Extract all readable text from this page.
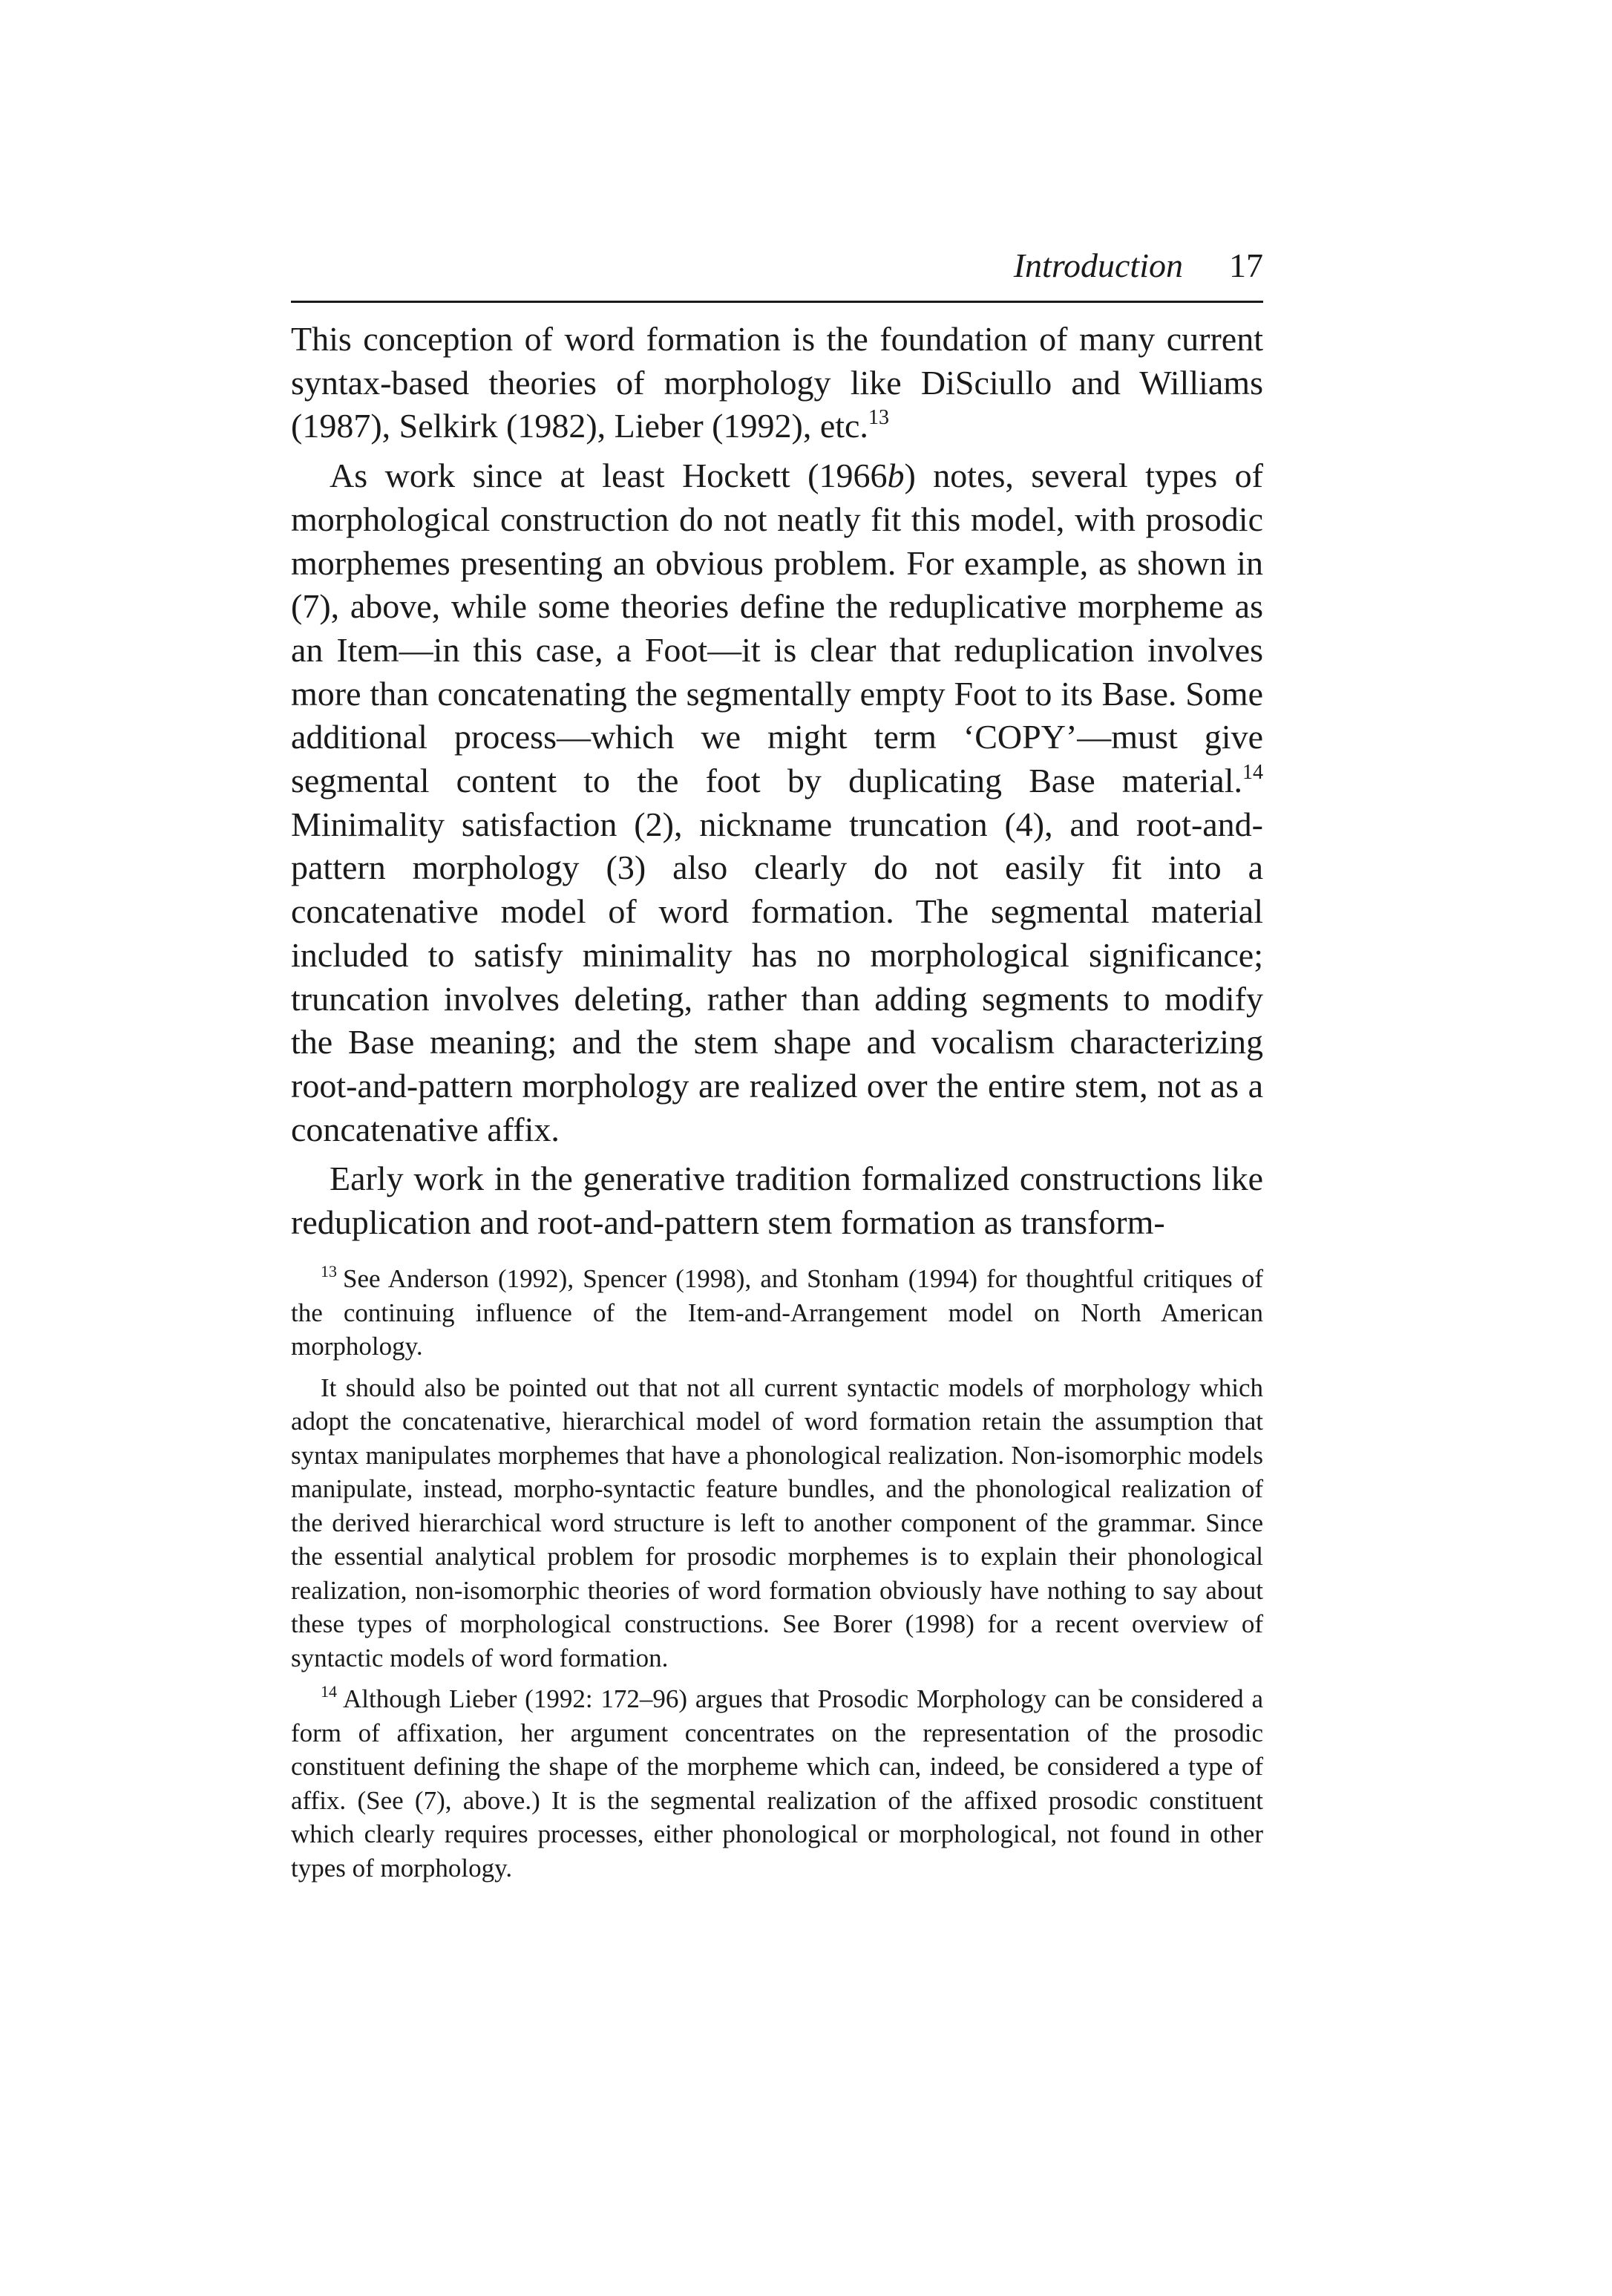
Introduction 17

This conception of word formation is the foundation of many current syntax-based theories of morphology like DiSciullo and Williams (1987), Selkirk (1982), Lieber (1992), etc.$^{13}$

As work since at least Hockett (1966b) notes, several types of morphological construction do not neatly fit this model, with prosodic morphemes presenting an obvious problem. For example, as shown in (7), above, while some theories define the reduplicative morpheme as an Item—in this case, a Foot—it is clear that reduplication involves more than concatenating the segmentally empty Foot to its Base. Some additional process—which we might term ‘COPY’—must give segmental content to the foot by duplicating Base material.$^{14}$ Minimality satisfaction (2), nickname truncation (4), and root-and-pattern morphology (3) also clearly do not easily fit into a concatenative model of word formation. The segmental material included to satisfy minimality has no morphological significance; truncation involves deleting, rather than adding segments to modify the Base meaning; and the stem shape and vocalism characterizing root-and-pattern morphology are realized over the entire stem, not as a concatenative affix.

Early work in the generative tradition formalized constructions like reduplication and root-and-pattern stem formation as transform-

$^{13}$ See Anderson (1992), Spencer (1998), and Stonham (1994) for thoughtful critiques of the continuing influence of the Item-and-Arrangement model on North American morphology.

It should also be pointed out that not all current syntactic models of morphology which adopt the concatenative, hierarchical model of word formation retain the assumption that syntax manipulates morphemes that have a phonological realization. Non-isomorphic models manipulate, instead, morpho-syntactic feature bundles, and the phonological realization of the derived hierarchical word structure is left to another component of the grammar. Since the essential analytical problem for prosodic morphemes is to explain their phonological realization, non-isomorphic theories of word formation obviously have nothing to say about these types of morphological constructions. See Borer (1998) for a recent overview of syntactic models of word formation.

$^{14}$ Although Lieber (1992: 172–96) argues that Prosodic Morphology can be considered a form of affixation, her argument concentrates on the representation of the prosodic constituent defining the shape of the morpheme which can, indeed, be considered a type of affix. (See (7), above.) It is the segmental realization of the affixed prosodic constituent which clearly requires processes, either phonological or morphological, not found in other types of morphology.
